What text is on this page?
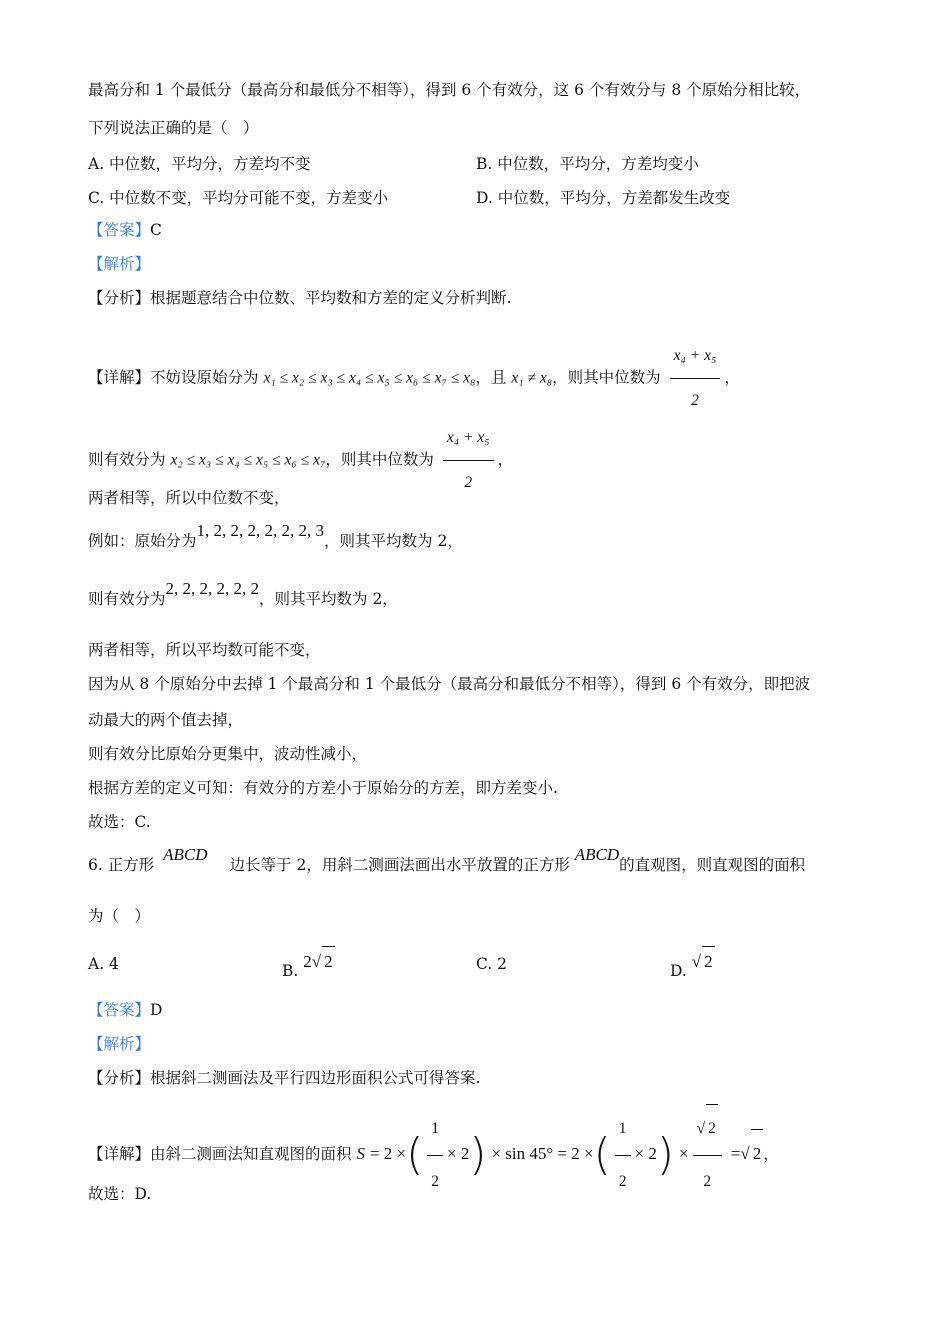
最高分和 1 个最低分（最高分和最低分不相等），得到 6 个有效分，这 6 个有效分与 8 个原始分相比较，
下列说法正确的是（　）
A. 中位数，平均分，方差均不变	B. 中位数，平均分，方差均变小
C. 中位数不变，平均分可能不变，方差变小	D. 中位数，平均分，方差都发生改变
【答案】C
【解析】
【分析】根据题意结合中位数、平均数和方差的定义分析判断.
【详解】不妨设原始分为 x₁ ≤ x₂ ≤ x₃ ≤ x₄ ≤ x₅ ≤ x₆ ≤ x₇ ≤ x₈，且 x₁ ≠ x₈，则其中位数为 $\frac{\text{x₄ + x₅}}{2}$ ，
则有效分为 x₂ ≤ x₃ ≤ x₄ ≤ x₅ ≤ x₆ ≤ x₇，则其中位数为 $\frac{\text{x₄ + x₅}}{2}$ ，
两者相等，所以中位数不变，
例如：原始分为1, 2, 2, 2, 2, 2, 2, 3，则其平均数为 2，
则有效分为2, 2, 2, 2, 2, 2，则其平均数为 2，
两者相等，所以平均数可能不变，
因为从 8 个原始分中去掉 1 个最高分和 1 个最低分（最高分和最低分不相等），得到 6 个有效分，即把波
动最大的两个值去掉，
则有效分比原始分更集中，波动性减小，
根据方差的定义可知：有效分的方差小于原始分的方差，即方差变小.
故选：C.
6. 正方形 ABCD边长等于 2，用斜二测画法画出水平放置的正方形 ABCD的直观图，则直观图的面积
为（　）
A. 4	B. 2√ 2	C. 2	D. √ 2
【答案】D
【解析】
【分析】根据斜二测画法及平行四边形面积公式可得答案.
【详解】由斜二测画法知直观图的面积 S = 2 ×( $\frac{1}{2} \times 2) \times \sin 45^\circ = 2$ ×( $\frac{1}{2} \times 2) \times \frac{√ 2}{2}$ =√ 2 ，
故选：D.
